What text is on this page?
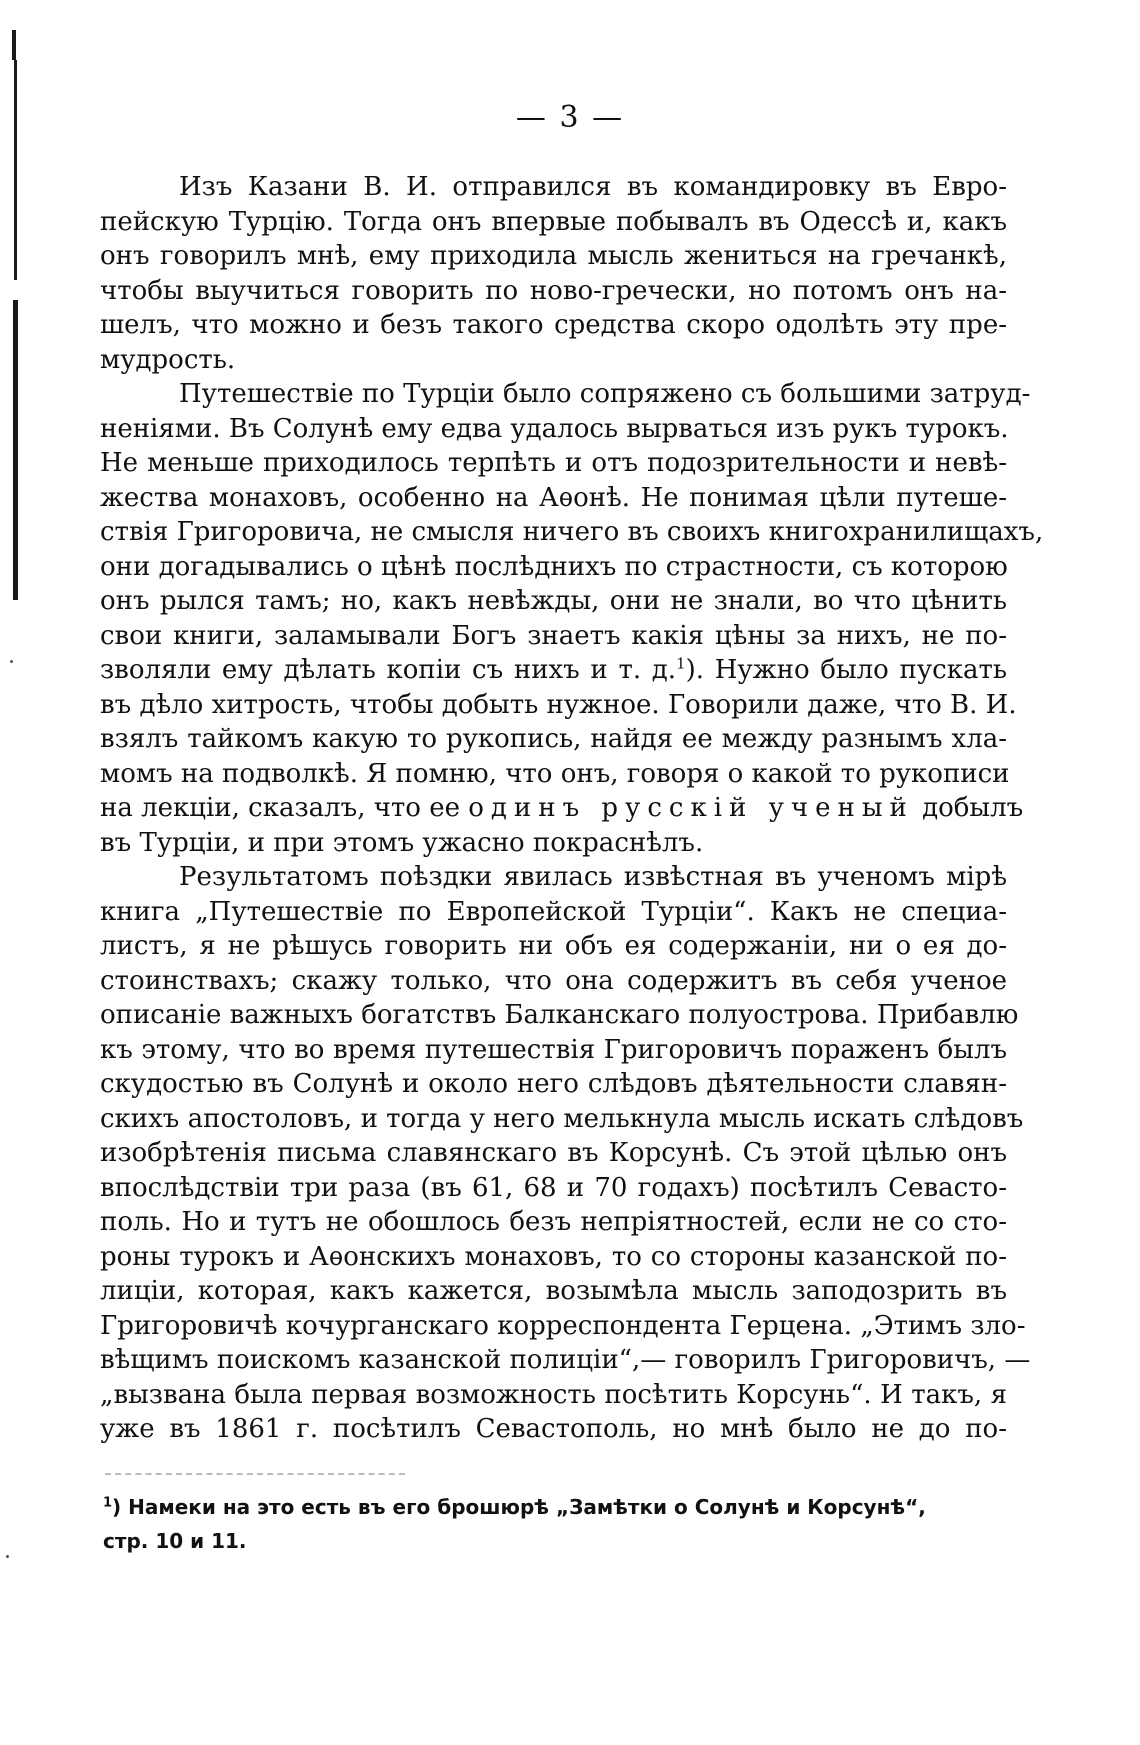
— 3 —
Изъ Казани В. И. отправился въ командировку въ Евро-
пейскую Турцію. Тогда онъ впервые побывалъ въ Одессѣ и, какъ
онъ говорилъ мнѣ, ему приходила мысль жениться на гречанкѣ,
чтобы выучиться говорить по ново-гречески, но потомъ онъ на-
шелъ, что можно и безъ такого средства скоро одолѣть эту пре-
мудрость.
Путешествіе по Турціи было сопряжено съ большими затруд-
неніями. Въ Солунѣ ему едва удалось вырваться изъ рукъ турокъ.
Не меньше приходилось терпѣть и отъ подозрительности и невѣ-
жества монаховъ, особенно на Аѳонѣ. Не понимая цѣли путеше-
ствія Григоровича, не смысля ничего въ своихъ книгохранилищахъ,
они догадывались о цѣнѣ послѣднихъ по страстности, съ которою
онъ рылся тамъ; но, какъ невѣжды, они не знали, во что цѣнить
свои книги, заламывали Богъ знаетъ какія цѣны за нихъ, не по-
зволяли ему дѣлать копіи съ нихъ и т. д.$^1$). Нужно было пускать
въ дѣло хитрость, чтобы добыть нужное. Говорили даже, что В. И.
взялъ тайкомъ какую то рукопись, найдя ее между разнымъ хла-
момъ на подволкѣ. Я помню, что онъ, говоря о какой то рукописи
на лекціи, сказалъ, что ее одинъ русскій ученый добылъ
въ Турціи, и при этомъ ужасно покраснѣлъ.
Результатомъ поѣздки явилась извѣстная въ ученомъ мірѣ
книга „Путешествіе по Европейской Турціи“. Какъ не специа-
листъ, я не рѣшусь говорить ни объ ея содержаніи, ни о ея до-
стоинствахъ; скажу только, что она содержитъ въ себя ученое
описаніе важныхъ богатствъ Балканскаго полуострова. Прибавлю
къ этому, что во время путешествія Григоровичъ пораженъ былъ
скудостью въ Солунѣ и около него слѣдовъ дѣятельности славян-
скихъ апостоловъ, и тогда у него мелькнула мысль искать слѣдовъ
изобрѣтенія письма славянскаго въ Корсунѣ. Съ этой цѣлью онъ
впослѣдствіи три раза (въ 61, 68 и 70 годахъ) посѣтилъ Севасто-
поль. Но и тутъ не обошлось безъ непріятностей, если не со сто-
роны турокъ и Аѳонскихъ монаховъ, то со стороны казанской по-
лиціи, которая, какъ кажется, возымѣла мысль заподозрить въ
Григоровичѣ кочурганскаго корреспондента Герцена. „Этимъ зло-
вѣщимъ поискомъ казанской полиціи“,— говорилъ Григоровичъ, —
„вызвана была первая возможность посѣтить Корсунь“. И такъ, я
уже въ 1861 г. посѣтилъ Севастополь, но мнѣ было не до по-
$^1$) Намеки на это есть въ его брошюрѣ „Замѣтки о Солунѣ и Корсунѣ“,
стр. 10 и 11.
